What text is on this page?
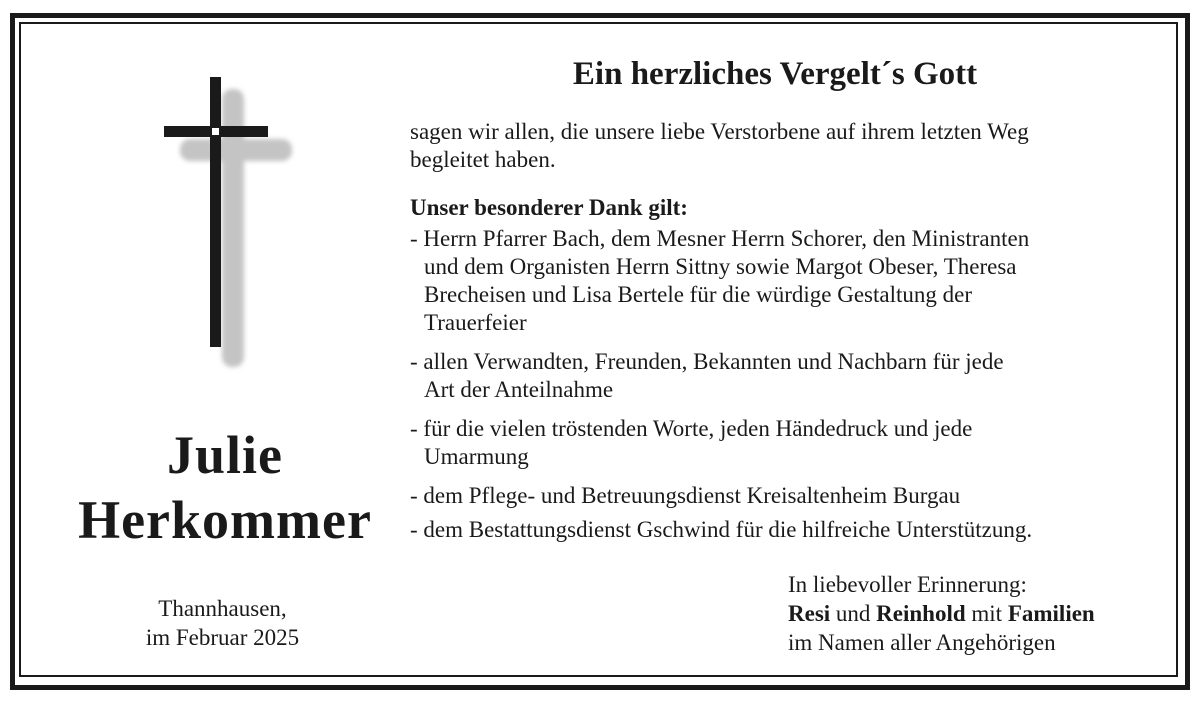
Julie
Herkommer
Thannhausen,
im Februar 2025
Ein herzliches Vergelt´s Gott
sagen wir allen, die unsere liebe Verstorbene auf ihrem letzten Weg
begleitet haben.
Unser besonderer Dank gilt:
- Herrn Pfarrer Bach, dem Mesner Herrn Schorer, den Ministranten
und dem Organisten Herrn Sittny sowie Margot Obeser, Theresa
Brecheisen und Lisa Bertele für die würdige Gestaltung der
Trauerfeier
- allen Verwandten, Freunden, Bekannten und Nachbarn für jede
Art der Anteilnahme
- für die vielen tröstenden Worte, jeden Händedruck und jede
Umarmung
- dem Pflege- und Betreuungsdienst Kreisaltenheim Burgau
- dem Bestattungsdienst Gschwind für die hilfreiche Unterstützung.
In liebevoller Erinnerung:
Resi und Reinhold mit Familien
im Namen aller Angehörigen
